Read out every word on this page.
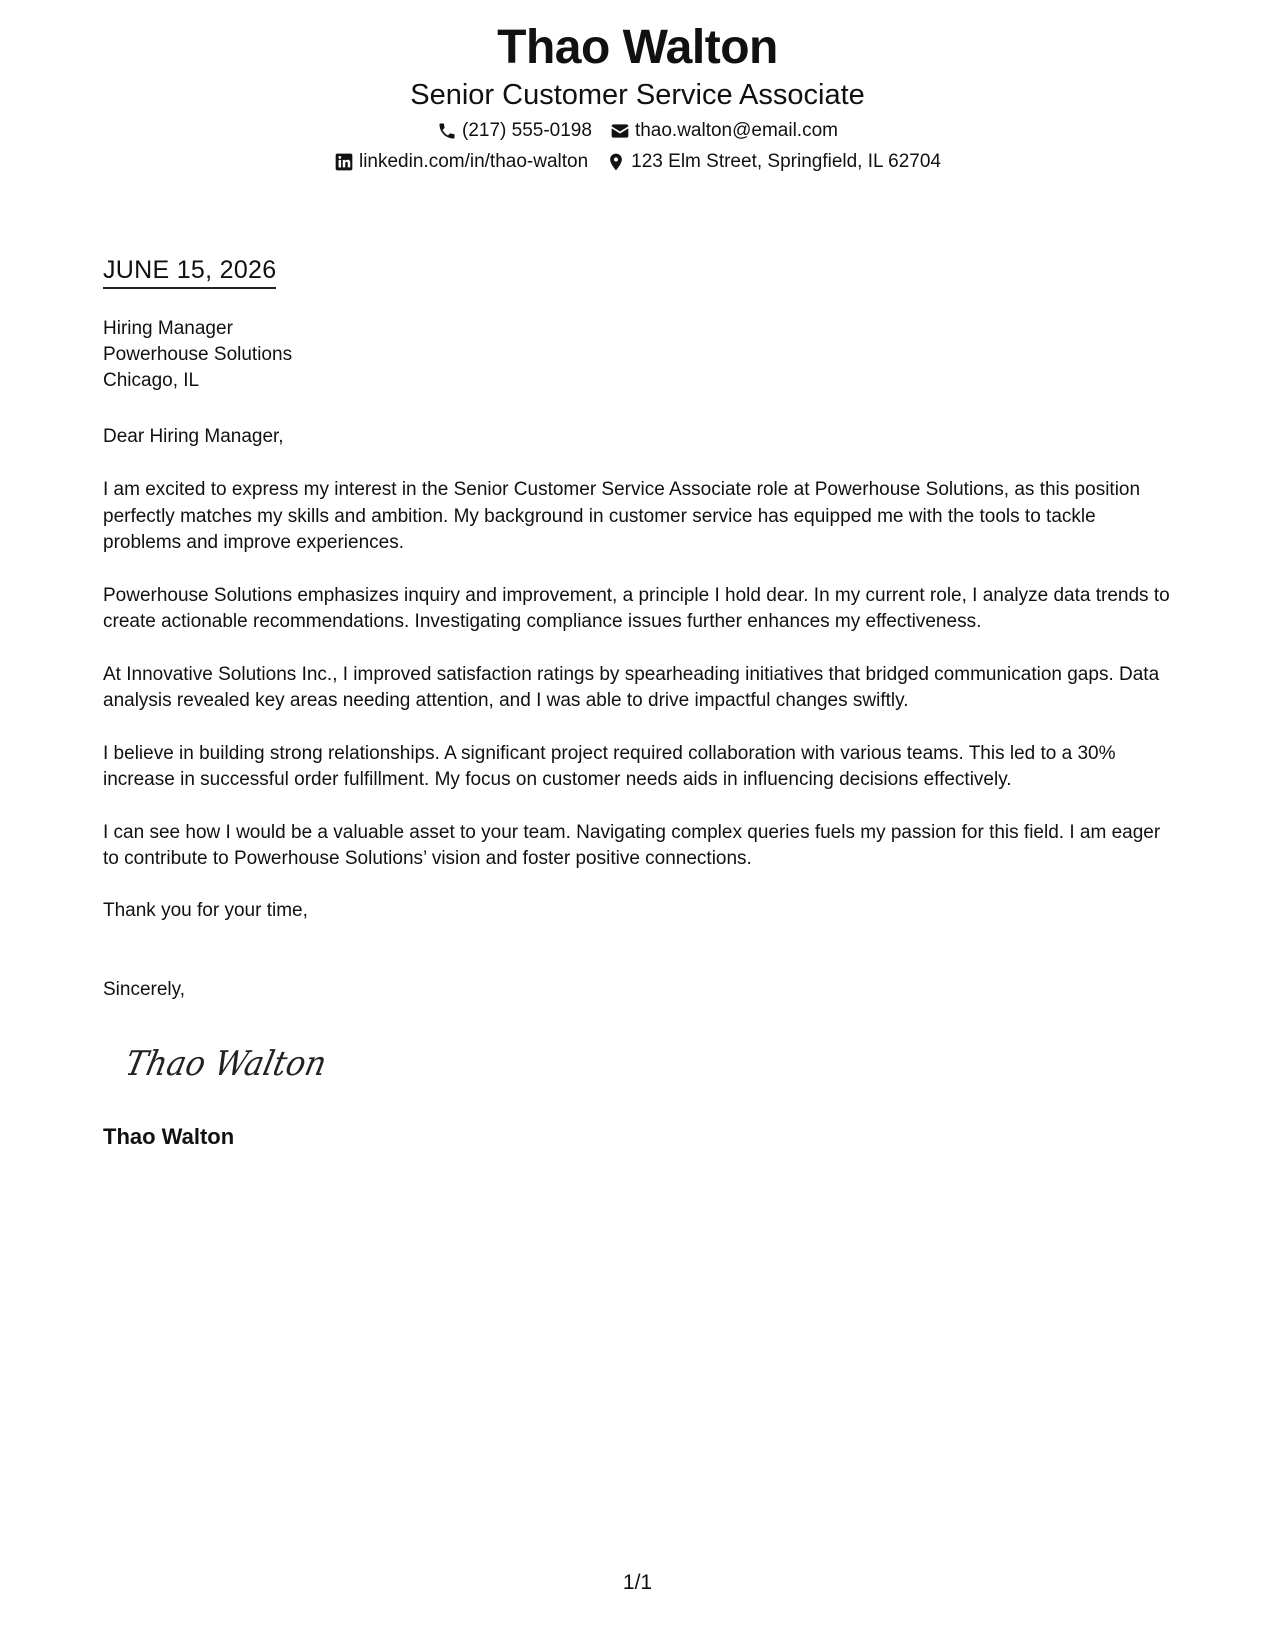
Thao Walton
Senior Customer Service Associate
(217) 555-0198 thao.walton@email.com
linkedin.com/in/thao-walton 123 Elm Street, Springfield, IL 62704
JUNE 15, 2026
Hiring Manager
Powerhouse Solutions
Chicago, IL
Dear Hiring Manager,

I am excited to express my interest in the Senior Customer Service Associate role at Powerhouse Solutions, as this position perfectly matches my skills and ambition. My background in customer service has equipped me with the tools to tackle problems and improve experiences.

Powerhouse Solutions emphasizes inquiry and improvement, a principle I hold dear. In my current role, I analyze data trends to create actionable recommendations. Investigating compliance issues further enhances my effectiveness.

At Innovative Solutions Inc., I improved satisfaction ratings by spearheading initiatives that bridged communication gaps. Data analysis revealed key areas needing attention, and I was able to drive impactful changes swiftly.

I believe in building strong relationships. A significant project required collaboration with various teams. This led to a 30% increase in successful order fulfillment. My focus on customer needs aids in influencing decisions effectively.

I can see how I would be a valuable asset to your team. Navigating complex queries fuels my passion for this field. I am eager to contribute to Powerhouse Solutions’ vision and foster positive connections.

Thank you for your time,
Sincerely,
Thao Walton
Thao Walton
1/1
